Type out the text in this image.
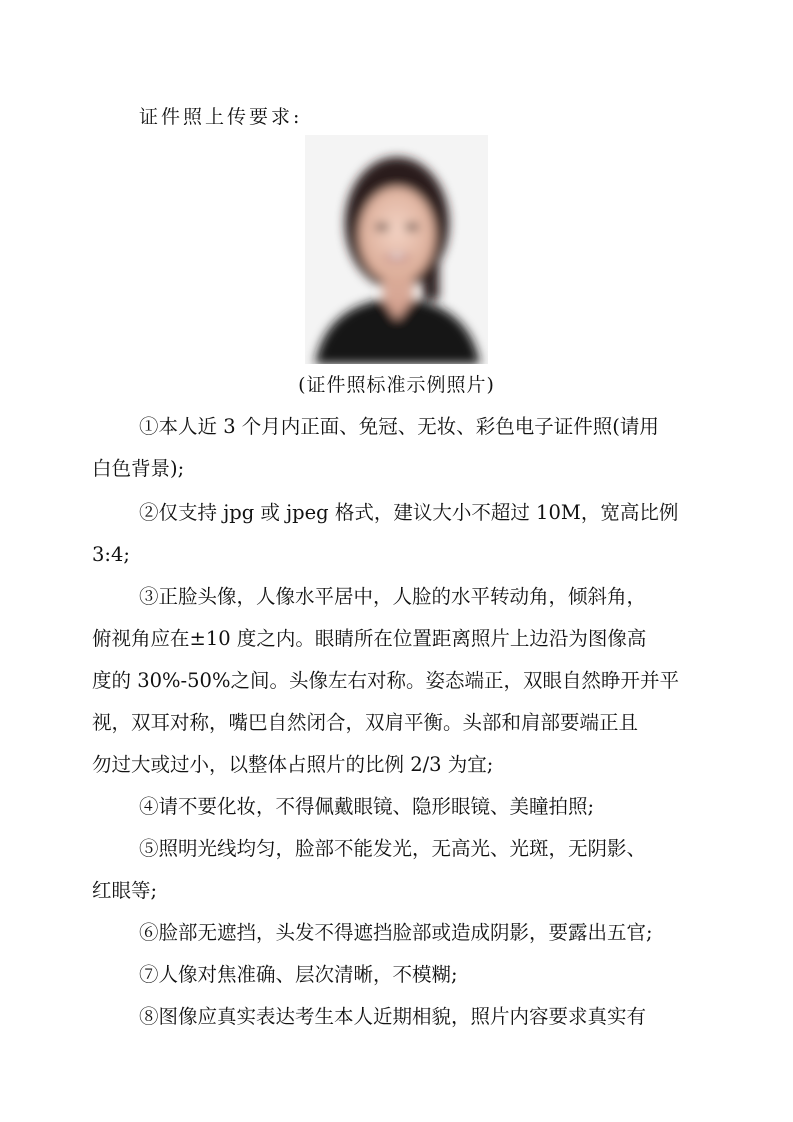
证件照上传要求:
(证件照标准示例照片)
①本人近 3 个月内正面、免冠、无妆、彩色电子证件照(请用
白色背景);
②仅支持 jpg 或 jpeg 格式，建议大小不超过 10M，宽高比例
3:4;
③正脸头像，人像水平居中，人脸的水平转动角，倾斜角，
俯视角应在±10 度之内。眼睛所在位置距离照片上边沿为图像高
度的 30%-50%之间。头像左右对称。姿态端正，双眼自然睁开并平
视，双耳对称，嘴巴自然闭合，双肩平衡。头部和肩部要端正且
勿过大或过小，以整体占照片的比例 2/3 为宜;
④请不要化妆，不得佩戴眼镜、隐形眼镜、美瞳拍照;
⑤照明光线均匀，脸部不能发光，无高光、光斑，无阴影、
红眼等;
⑥脸部无遮挡，头发不得遮挡脸部或造成阴影，要露出五官;
⑦人像对焦准确、层次清晰，不模糊;
⑧图像应真实表达考生本人近期相貌，照片内容要求真实有
